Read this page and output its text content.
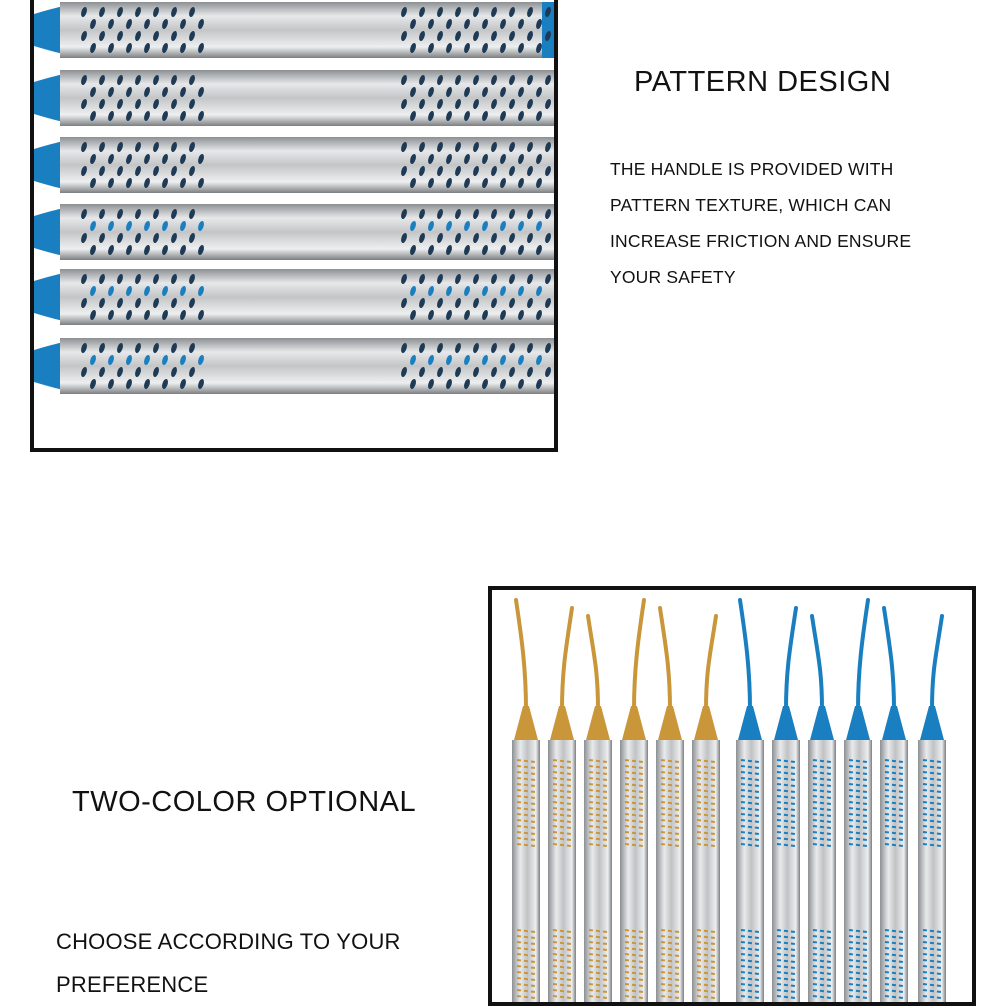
PATTERN DESIGN

THE HANDLE IS PROVIDED WITH
PATTERN TEXTURE, WHICH CAN
INCREASE FRICTION AND ENSURE
YOUR SAFETY

TWO-COLOR OPTIONAL

CHOOSE ACCORDING TO YOUR
PREFERENCE
